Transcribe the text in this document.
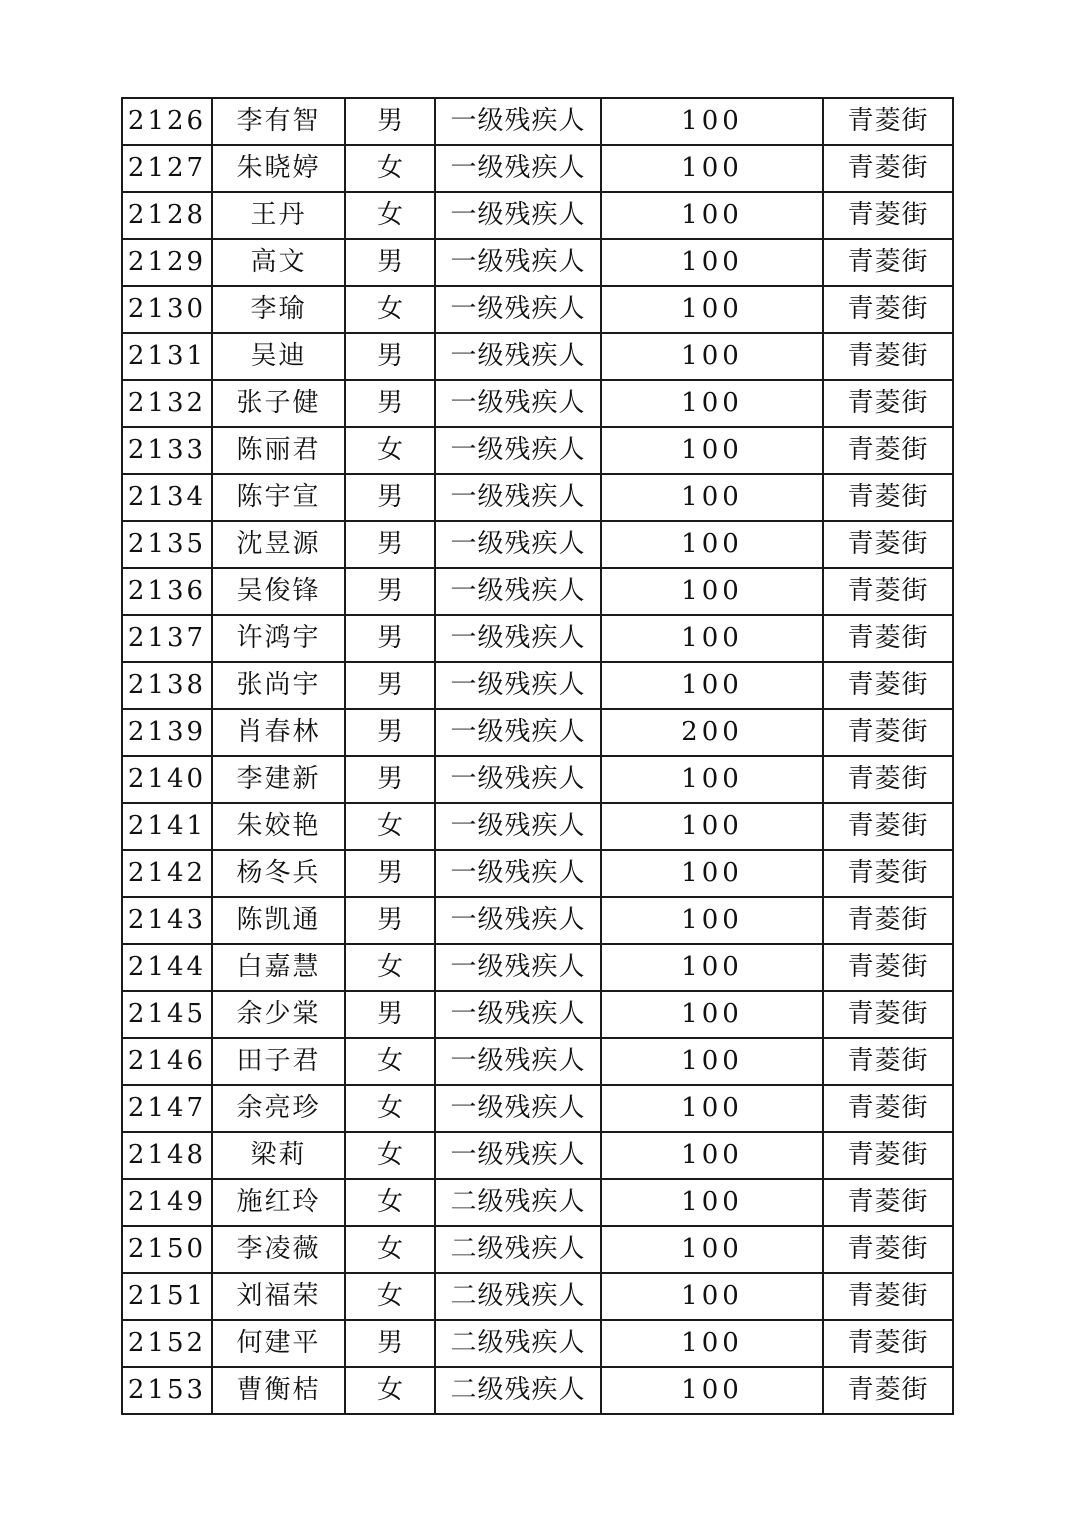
2126	李有智	男	一级残疾人	100	青菱街
2127	朱晓婷	女	一级残疾人	100	青菱街
2128	王丹	女	一级残疾人	100	青菱街
2129	高文	男	一级残疾人	100	青菱街
2130	李瑜	女	一级残疾人	100	青菱街
2131	吴迪	男	一级残疾人	100	青菱街
2132	张子健	男	一级残疾人	100	青菱街
2133	陈丽君	女	一级残疾人	100	青菱街
2134	陈宇宣	男	一级残疾人	100	青菱街
2135	沈昱源	男	一级残疾人	100	青菱街
2136	吴俊锋	男	一级残疾人	100	青菱街
2137	许鸿宇	男	一级残疾人	100	青菱街
2138	张尚宇	男	一级残疾人	100	青菱街
2139	肖春林	男	一级残疾人	200	青菱街
2140	李建新	男	一级残疾人	100	青菱街
2141	朱姣艳	女	一级残疾人	100	青菱街
2142	杨冬兵	男	一级残疾人	100	青菱街
2143	陈凯通	男	一级残疾人	100	青菱街
2144	白嘉慧	女	一级残疾人	100	青菱街
2145	余少棠	男	一级残疾人	100	青菱街
2146	田子君	女	一级残疾人	100	青菱街
2147	余亮珍	女	一级残疾人	100	青菱街
2148	梁莉	女	一级残疾人	100	青菱街
2149	施红玲	女	二级残疾人	100	青菱街
2150	李凌薇	女	二级残疾人	100	青菱街
2151	刘福荣	女	二级残疾人	100	青菱街
2152	何建平	男	二级残疾人	100	青菱街
2153	曹衡桔	女	二级残疾人	100	青菱街
